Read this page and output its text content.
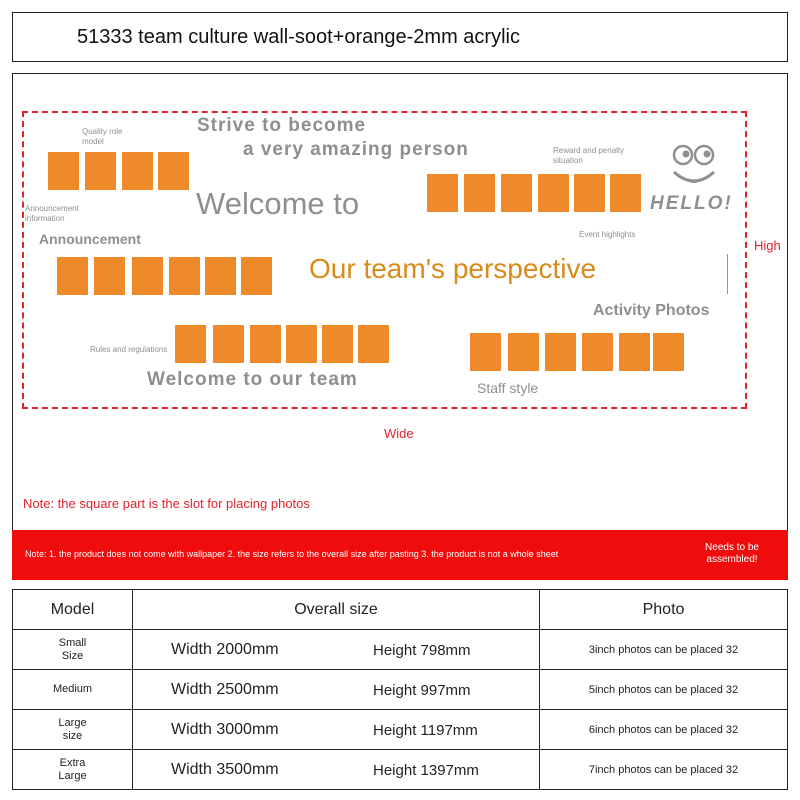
51333 team culture wall-soot+orange-2mm acrylic
Quality role
model
Strive to become
a very amazing person	Reward and penalty
situation
HELLO!
Announcement
information	Welcome to
Announcement	Event highlights
Our team's perspective
Activity Photos
Rules and regulations
Welcome to our team	Staff style
High
Wide
Note: the square part is the slot for placing photos
Note: 1. the product does not come with wallpaper 2. the size refers to the overall size after pasting 3. the product is not a whole sheet
Needs to be
assembled!
Model	Overall size	Photo
Small
Size	Width 2000mm Height 798mm	3inch photos can be placed 32
Medium	Width 2500mm Height 997mm	5inch photos can be placed 32
Large
size	Width 3000mm Height 1197mm	6inch photos can be placed 32
Extra
Large	Width 3500mm Height 1397mm	7inch photos can be placed 32
